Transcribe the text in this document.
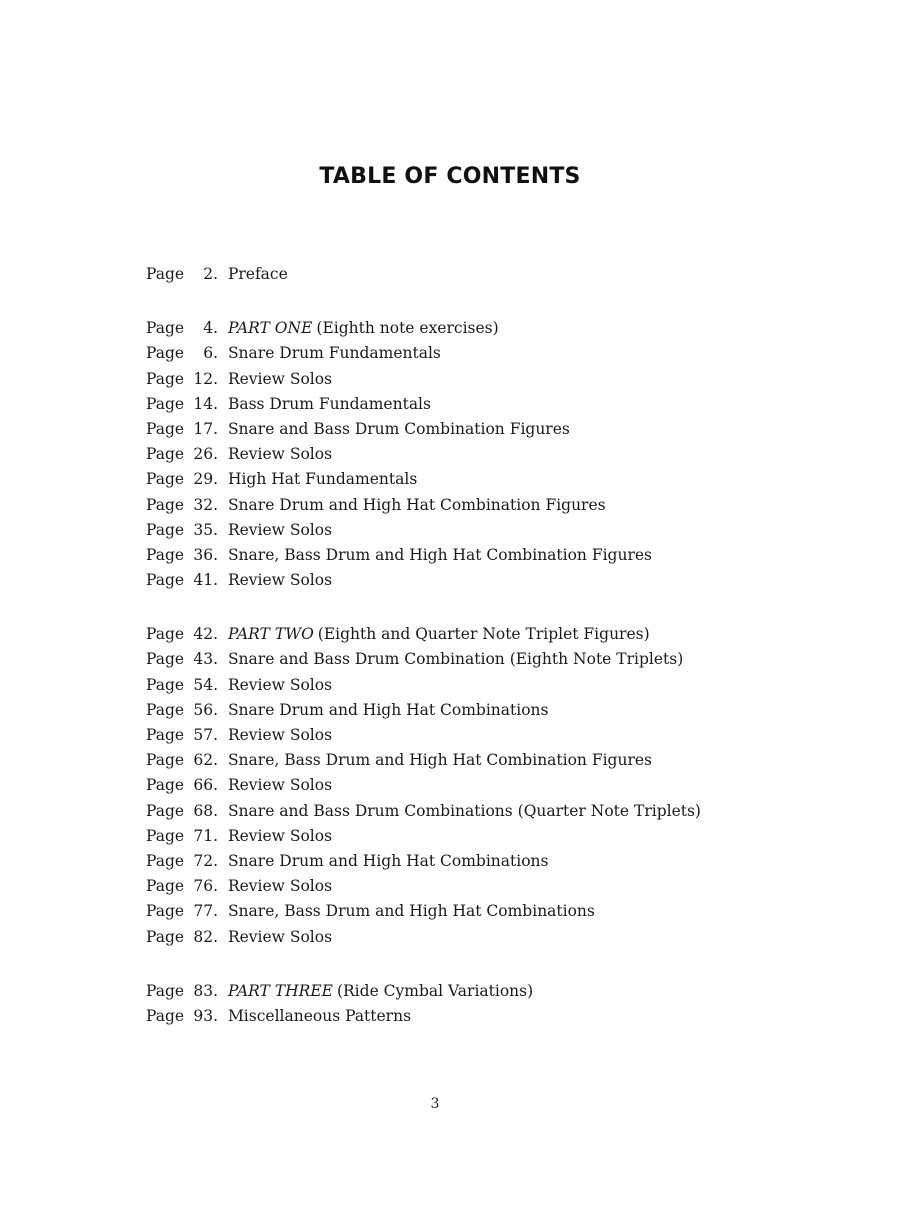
TABLE OF CONTENTS
Page 2. Preface
Page 4. PART ONE (Eighth note exercises)
Page 6. Snare Drum Fundamentals
Page 12. Review Solos
Page 14. Bass Drum Fundamentals
Page 17. Snare and Bass Drum Combination Figures
Page 26. Review Solos
Page 29. High Hat Fundamentals
Page 32. Snare Drum and High Hat Combination Figures
Page 35. Review Solos
Page 36. Snare, Bass Drum and High Hat Combination Figures
Page 41. Review Solos
Page 42. PART TWO (Eighth and Quarter Note Triplet Figures)
Page 43. Snare and Bass Drum Combination (Eighth Note Triplets)
Page 54. Review Solos
Page 56. Snare Drum and High Hat Combinations
Page 57. Review Solos
Page 62. Snare, Bass Drum and High Hat Combination Figures
Page 66. Review Solos
Page 68. Snare and Bass Drum Combinations (Quarter Note Triplets)
Page 71. Review Solos
Page 72. Snare Drum and High Hat Combinations
Page 76. Review Solos
Page 77. Snare, Bass Drum and High Hat Combinations
Page 82. Review Solos
Page 83. PART THREE (Ride Cymbal Variations)
Page 93. Miscellaneous Patterns
3
